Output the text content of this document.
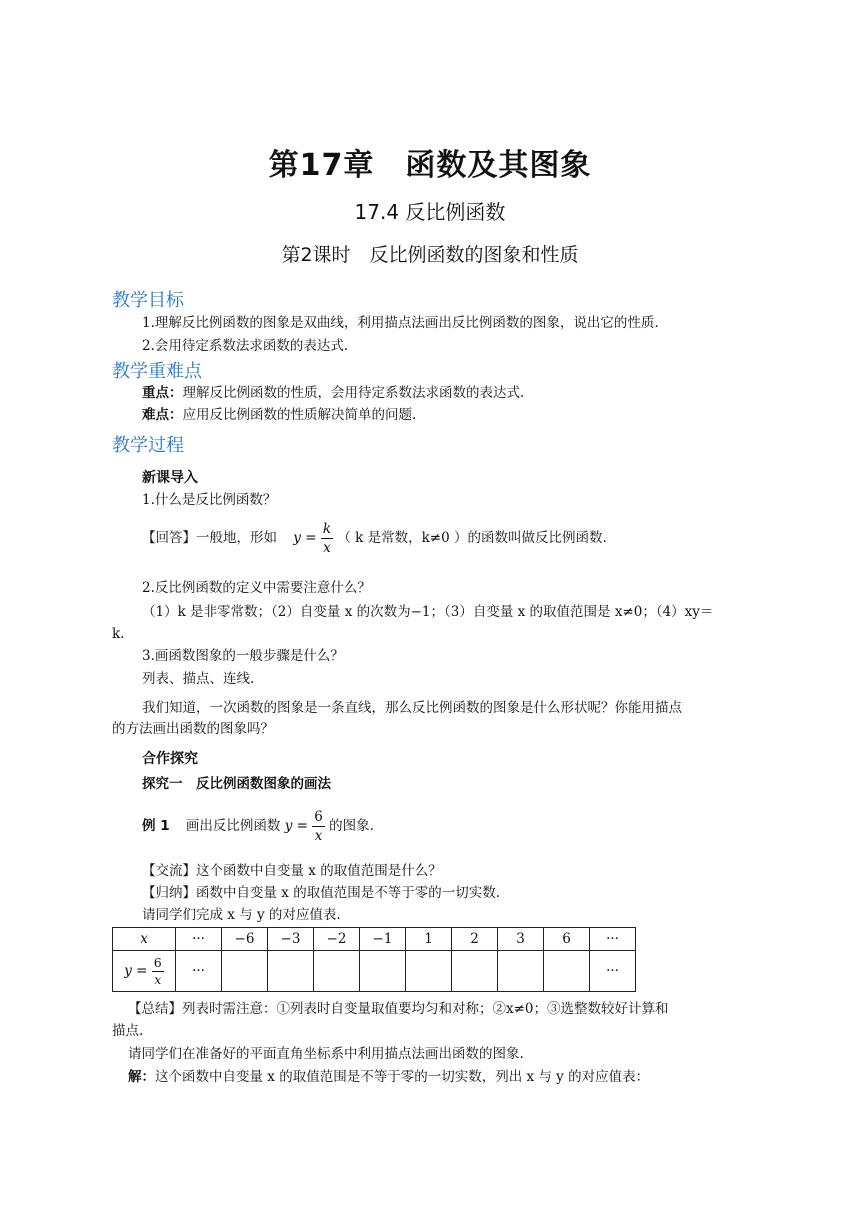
第17章　函数及其图象
17.4 反比例函数
第2课时　反比例函数的图象和性质
教学目标
1.理解反比例函数的图象是双曲线，利用描点法画出反比例函数的图象，说出它的性质.
2.会用待定系数法求函数的表达式.
教学重难点
重点：理解反比例函数的性质，会用待定系数法求函数的表达式.
难点：应用反比例函数的性质解决简单的问题.
教学过程
新课导入
1.什么是反比例函数？
【回答】一般地，形如 $y = \frac{k}{x}$ （ k 是常数，k≠0 ）的函数叫做反比例函数.
2.反比例函数的定义中需要注意什么？
（1）k 是非零常数；（2）自变量 x 的次数为−1；（3）自变量 x 的取值范围是 x≠0；（4）xy＝
k.
3.画函数图象的一般步骤是什么？
列表、描点、连线.
我们知道，一次函数的图象是一条直线，那么反比例函数的图象是什么形状呢？你能用描点
的方法画出函数的图象吗？
合作探究
探究一　反比例函数图象的画法
例 1 画出反比例函数 $y = \frac{6}{x}$ 的图象.
【交流】这个函数中自变量 x 的取值范围是什么？
【归纳】函数中自变量 x 的取值范围是不等于零的一切实数.
请同学们完成 x 与 y 的对应值表.
x	···	−6	−3	−2	−1	1	2	3	6	···
$y = \frac{6}{x}$	···									···
【总结】列表时需注意：①列表时自变量取值要均匀和对称；②x≠0；③选整数较好计算和
描点.
请同学们在准备好的平面直角坐标系中利用描点法画出函数的图象.
解：这个函数中自变量 x 的取值范围是不等于零的一切实数，列出 x 与 y 的对应值表：
